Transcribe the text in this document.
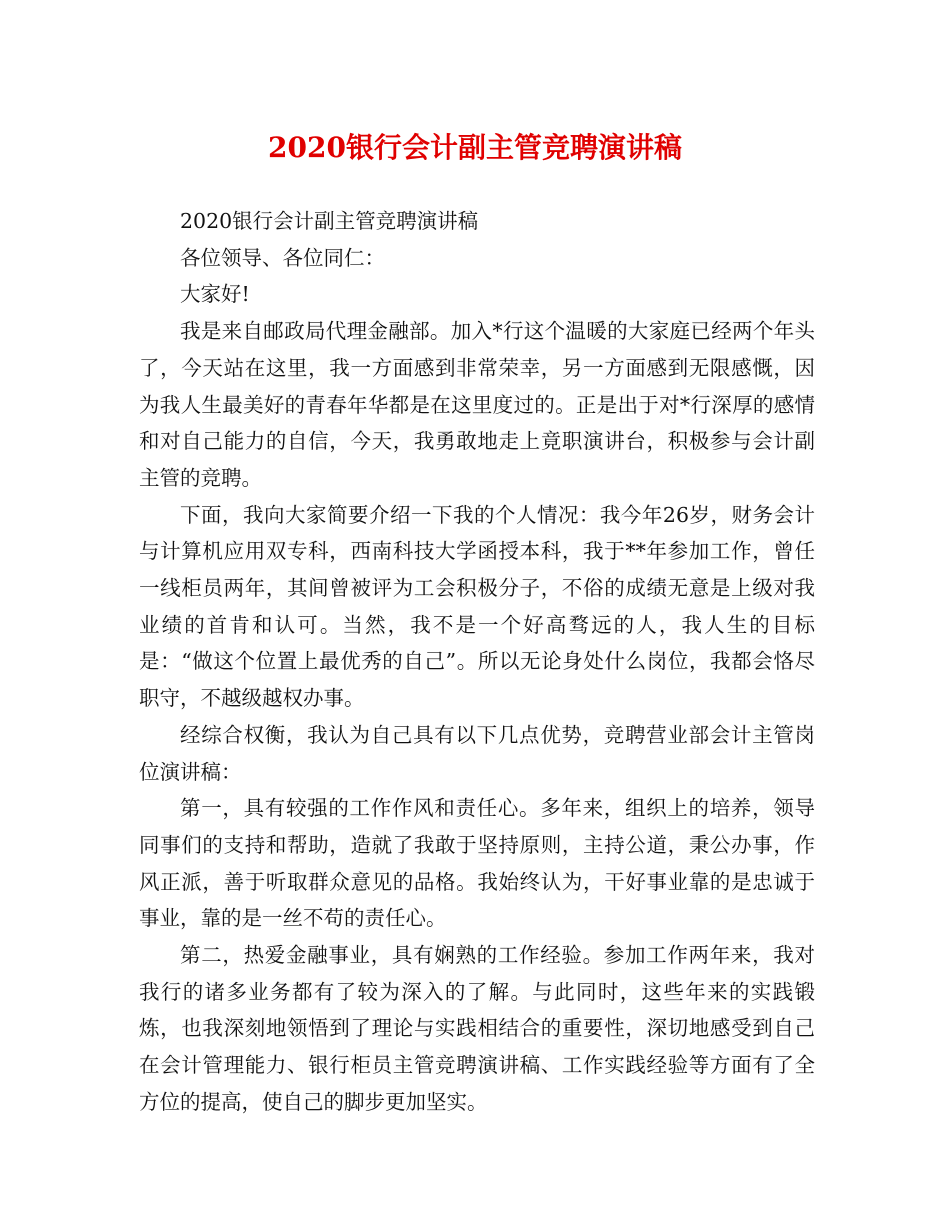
2020银行会计副主管竞聘演讲稿

2020银行会计副主管竞聘演讲稿

各位领导、各位同仁：

大家好!

我是来自邮政局代理金融部。加入*行这个温暖的大家庭已经两个年头了，今天站在这里，我一方面感到非常荣幸，另一方面感到无限感慨，因为我人生最美好的青春年华都是在这里度过的。正是出于对*行深厚的感情和对自己能力的自信，今天，我勇敢地走上竟职演讲台，积极参与会计副主管的竞聘。

下面，我向大家简要介绍一下我的个人情况：我今年26岁，财务会计与计算机应用双专科，西南科技大学函授本科，我于**年参加工作，曾任一线柜员两年，其间曾被评为工会积极分子，不俗的成绩无意是上级对我业绩的首肯和认可。当然，我不是一个好高骛远的人，我人生的目标是：“做这个位置上最优秀的自己”。所以无论身处什么岗位，我都会恪尽职守，不越级越权办事。

经综合权衡，我认为自己具有以下几点优势，竞聘营业部会计主管岗位演讲稿：

第一，具有较强的工作作风和责任心。多年来，组织上的培养，领导同事们的支持和帮助，造就了我敢于坚持原则，主持公道，秉公办事，作风正派，善于听取群众意见的品格。我始终认为，干好事业靠的是忠诚于事业，靠的是一丝不苟的责任心。

第二，热爱金融事业，具有娴熟的工作经验。参加工作两年来，我对我行的诸多业务都有了较为深入的了解。与此同时，这些年来的实践锻炼，也我深刻地领悟到了理论与实践相结合的重要性，深切地感受到自己在会计管理能力、银行柜员主管竞聘演讲稿、工作实践经验等方面有了全方位的提高，使自己的脚步更加坚实。
